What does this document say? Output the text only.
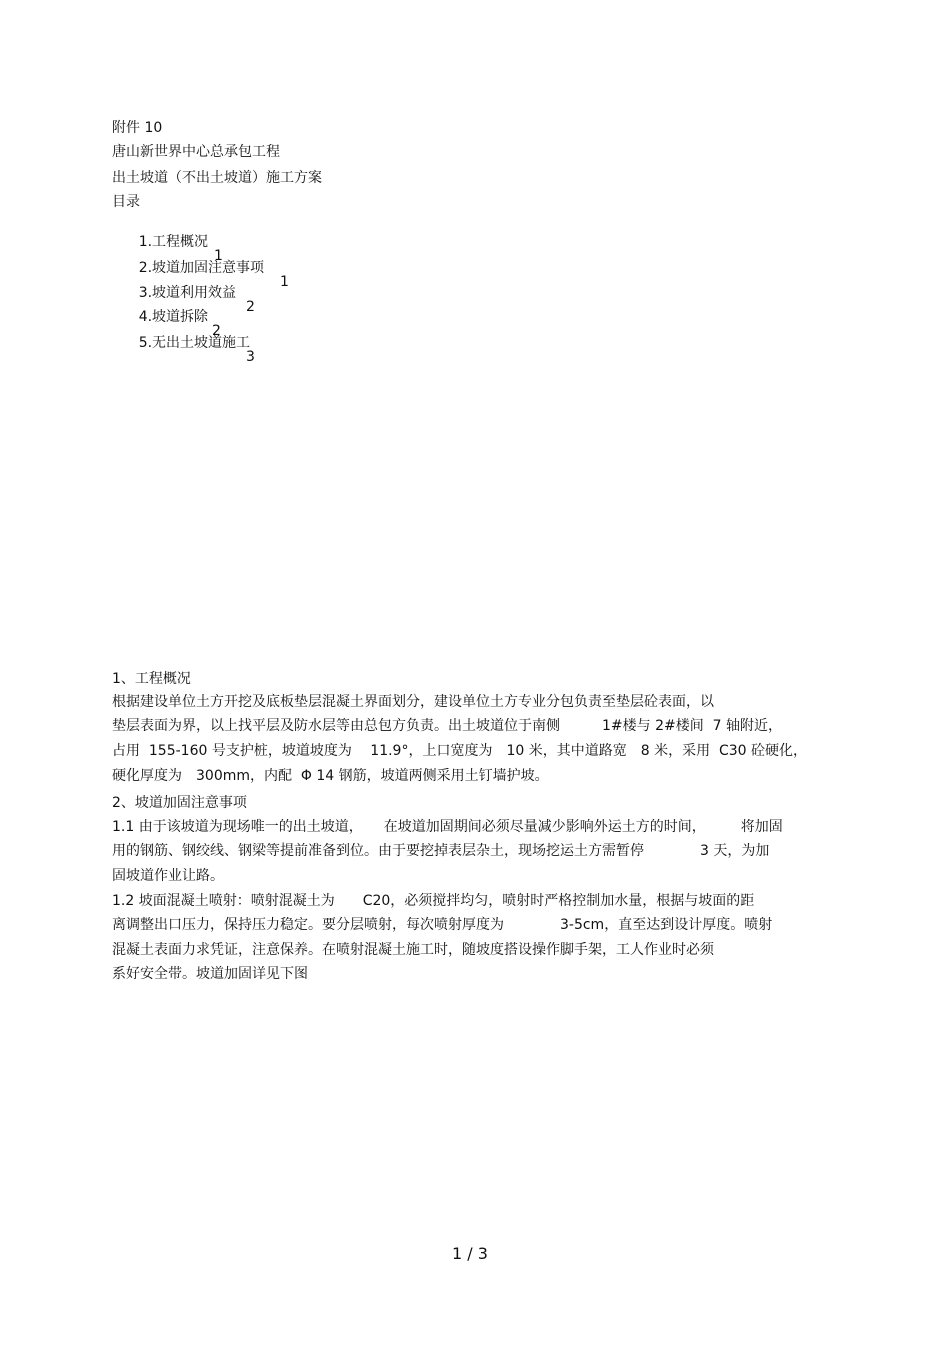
附件 10
唐山新世界中心总承包工程
出土坡道（不出土坡道）施工方案
目录

1.工程概况

1

2.坡道加固注意事项

1

3.坡道利用效益

2

4.坡道拆除

2

5.无出土坡道施工

3

1、工程概况
根据建设单位土方开挖及底板垫层混凝土界面划分，建设单位土方专业分包负责至垫层砼表面，以
垫层表面为界，以上找平层及防水层等由总包方负责。出土坡道位于南侧　　　1#楼与 2#楼间  7 轴附近，
占用  155-160 号支护桩，坡道坡度为　 11.9°，上口宽度为　10 米，其中道路宽　8 米，采用  C30 砼硬化，
硬化厚度为　300mm，内配  Φ 14 钢筋，坡道两侧采用土钉墙护坡。
2、坡道加固注意事项
1.1 由于该坡道为现场唯一的出土坡道，　　在坡道加固期间必须尽量减少影响外运土方的时间，　　　将加固
用的钢筋、钢绞线、钢梁等提前准备到位。由于要挖掉表层杂土，现场挖运土方需暂停　　　　3 天，为加
固坡道作业让路。
1.2 坡面混凝土喷射：喷射混凝土为　　C20，必须搅拌均匀，喷射时严格控制加水量，根据与坡面的距
离调整出口压力，保持压力稳定。要分层喷射，每次喷射厚度为　　　　3-5cm，直至达到设计厚度。喷射
混凝土表面力求凭证，注意保养。在喷射混凝土施工时，随坡度搭设操作脚手架，工人作业时必须
系好安全带。坡道加固详见下图
1 / 3
